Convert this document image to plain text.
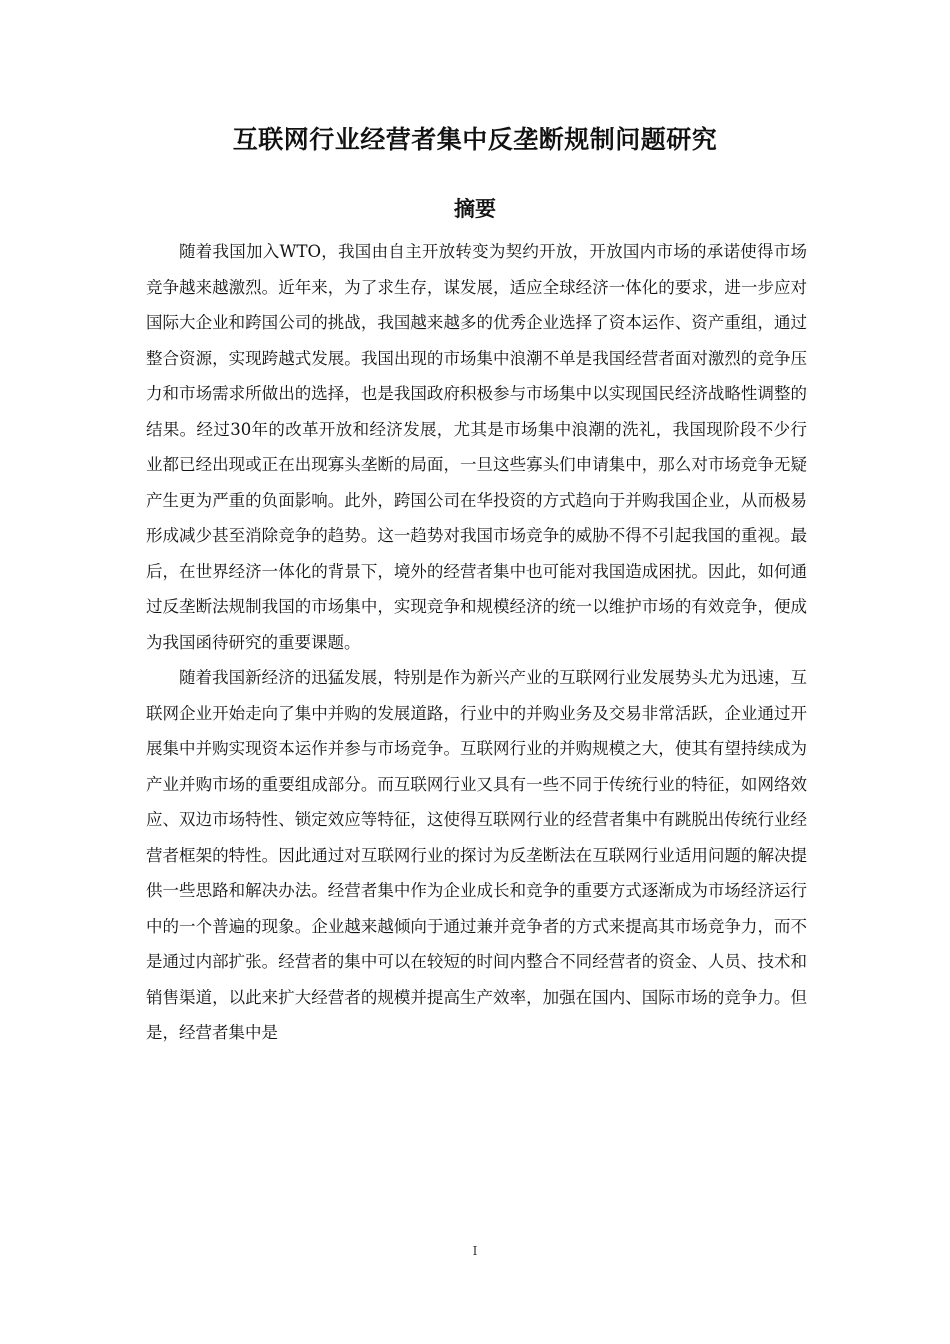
互联网行业经营者集中反垄断规制问题研究
摘要

随着我国加入WTO，我国由自主开放转变为契约开放，开放国内市场的承诺使得市场竞争越来越激烈。近年来，为了求生存，谋发展，适应全球经济一体化的要求，进一步应对国际大企业和跨国公司的挑战，我国越来越多的优秀企业选择了资本运作、资产重组，通过整合资源，实现跨越式发展。我国出现的市场集中浪潮不单是我国经营者面对激烈的竞争压力和市场需求所做出的选择，也是我国政府积极参与市场集中以实现国民经济战略性调整的结果。经过30年的改革开放和经济发展，尤其是市场集中浪潮的洗礼，我国现阶段不少行业都已经出现或正在出现寡头垄断的局面，一旦这些寡头们申请集中，那么对市场竞争无疑产生更为严重的负面影响。此外，跨国公司在华投资的方式趋向于并购我国企业，从而极易形成减少甚至消除竞争的趋势。这一趋势对我国市场竞争的威胁不得不引起我国的重视。最后，在世界经济一体化的背景下，境外的经营者集中也可能对我国造成困扰。因此，如何通过反垄断法规制我国的市场集中，实现竞争和规模经济的统一以维护市场的有效竞争，便成为我国函待研究的重要课题。

随着我国新经济的迅猛发展，特别是作为新兴产业的互联网行业发展势头尤为迅速，互联网企业开始走向了集中并购的发展道路，行业中的并购业务及交易非常活跃，企业通过开展集中并购实现资本运作并参与市场竞争。互联网行业的并购规模之大，使其有望持续成为产业并购市场的重要组成部分。而互联网行业又具有一些不同于传统行业的特征，如网络效应、双边市场特性、锁定效应等特征，这使得互联网行业的经营者集中有跳脱出传统行业经营者框架的特性。因此通过对互联网行业的探讨为反垄断法在互联网行业适用问题的解决提供一些思路和解决办法。经营者集中作为企业成长和竞争的重要方式逐渐成为市场经济运行中的一个普遍的现象。企业越来越倾向于通过兼并竞争者的方式来提高其市场竞争力，而不是通过内部扩张。经营者的集中可以在较短的时间内整合不同经营者的资金、人员、技术和销售渠道，以此来扩大经营者的规模并提高生产效率，加强在国内、国际市场的竞争力。但是，经营者集中是

I
